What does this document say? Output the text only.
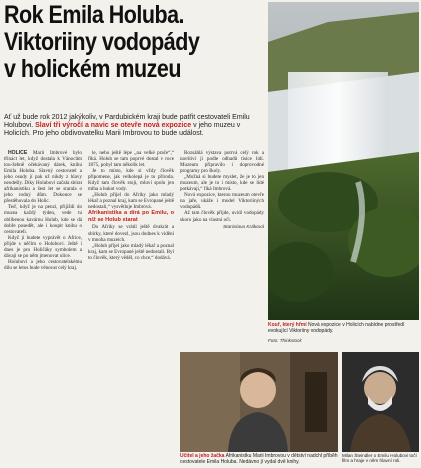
Rok Emila Holuba.
Viktoriiny vodopády
v holickém muzeu
Ať už bude rok 2012 jakýkoliv, v Pardubickém kraji bude patřit cestovateli Emilu Holubovi. Slaví tři výročí a navic se otevře nová expozice v jeho muzeu v Holicích. Pro jeho obdivovatelku Marii Imbrovou to bude událost.

HOLICE Marii Imbrové bylo třináct let, když dostala k Vánocům tou-žebně očekávaný dárek, knihu Emila Holuba. Slavný cestovatel a jeho osudy jí pak už nikdy z hlavy neodešly. Díky Holubovi začala sbírat afrikanistiku a šest let se starala o jeho rodný dům. Dokonce se přestěhovala do Holic.

Teď, když je na penzi, přijíždí do muzea každý týden, vede tu oblíbenou kavárnu Holub, kde se dá dobře posedět, ale i koupit knihu o cestovateli.

Když jí budete vyprávět o Africe, přijde s něčím o Holubovi. Ještě i dnes je pro Holičáky symbolem a dávají se po něm jmenovat ulice.

Holubovi a jeho cestovatelskému dílu se letos bude věnovat celý kraj.

le, nebo ještě lépe „na velké prače“,“ říká. Holub se tam poprvé dostal v roce 1875, pobyl tam několik let.

Je to místo, kde si vždy člověk připomene, jak velkolepá je to příroda. Když tam člověk stojí, mluví spolu jen mlha a hukot vody.

„Holub přijel do Afriky jako mladý lékař a poznal kraj, kam se Evropané ještě nedostali,“ vysvětluje Imbrová.

Afrikanistika a dírá po Emilu, o níž se Holub starat

Do Afriky se vrátil ještě dvakrát a sbírky, které dovezl, jsou dodnes k vidění v mnoha muzeích.

„Holub přijel jako mladý lékař a poznal kraj, kam se Evropané ještě nedostali. Byl to člověk, který věděl, co chce,“ dodává.

Rozsáhlá výstava potrvá celý rok a navštíví ji podle odhadů tisíce lidí. Muzeum připravilo i doprovodné programy pro školy.

„Možná si budete myslet, že je to jen muzeum, ale je to i místo, kde se lidé potkávají,“ říká Imbrová.

Nová expozice, kterou muzeum otevře na jaře, ukáže i model Viktoriiných vodopádů.

Až tam člověk přijde, uvidí vodopády skoro jako na vlastní oči.

Stanislava Kráková
Kouř, který hřmí Nová expozice v Holicích nabídne prostředí evokující Viktoriiny vodopády.
Foto: Thinkstock
Učitel a jeho žačka Afrikanistku Marii Imbrovou v dětství nadchl příběh cestovatele Emila Holuba. Nedávno jí vydal dvě knihy.
Milan Šteindler o Emilu Holubovi točí film a hraje v něm hlavní roli.
